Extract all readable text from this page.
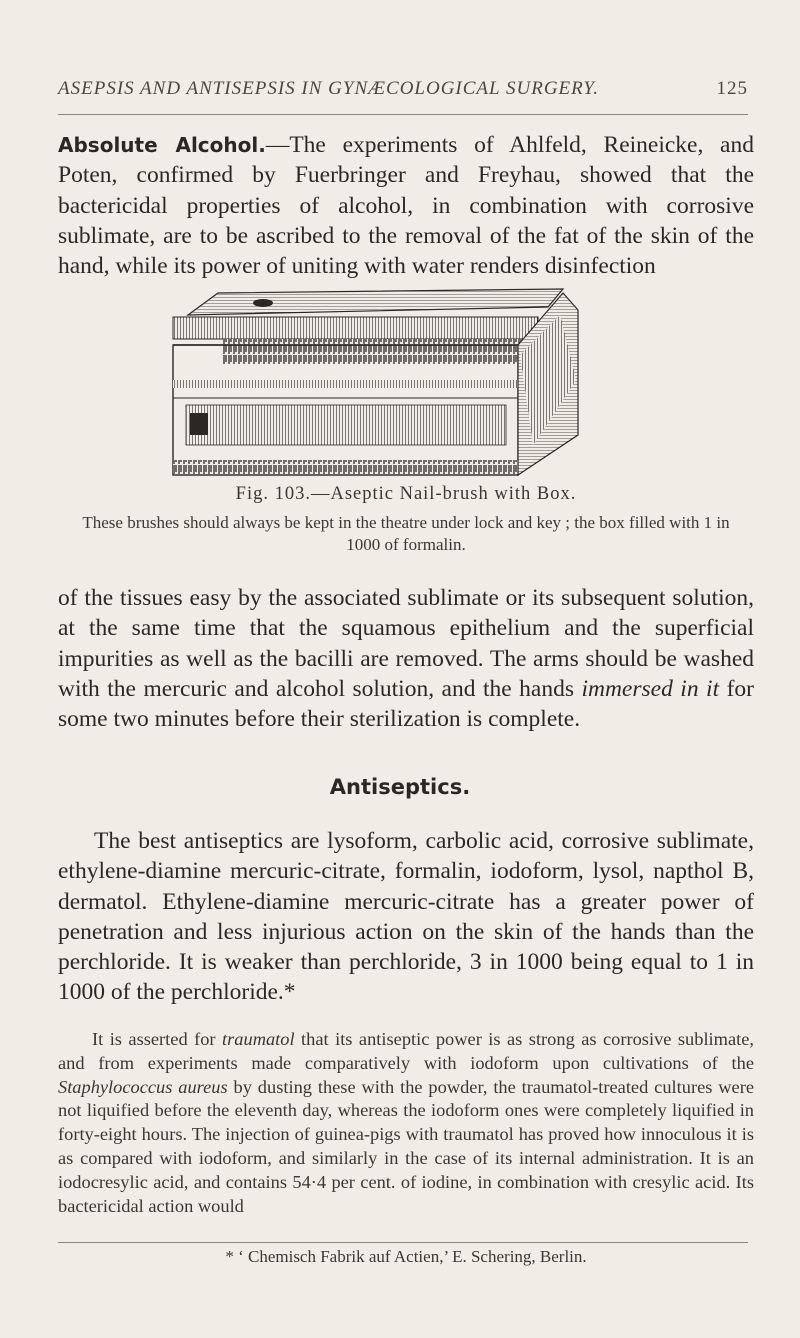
ASEPSIS AND ANTISEPSIS IN GYNÆCOLOGICAL SURGERY.	125

Absolute Alcohol.—The experiments of Ahlfeld, Reineicke, and Poten, confirmed by Fuerbringer and Freyhau, showed that the bactericidal properties of alcohol, in combination with corrosive sublimate, are to be ascribed to the removal of the fat of the skin of the hand, while its power of uniting with water renders disinfection

Fig. 103.—Aseptic Nail-brush with Box.
These brushes should always be kept in the theatre under lock and key ; the box filled with 1 in 1000 of formalin.

of the tissues easy by the associated sublimate or its subsequent solution, at the same time that the squamous epithelium and the superficial impurities as well as the bacilli are removed. The arms should be washed with the mercuric and alcohol solution, and the hands immersed in it for some two minutes before their sterilization is complete.

Antiseptics.

The best antiseptics are lysoform, carbolic acid, corrosive sublimate, ethylene-diamine mercuric-citrate, formalin, iodoform, lysol, napthol B, dermatol. Ethylene-diamine mercuric-citrate has a greater power of penetration and less injurious action on the skin of the hands than the perchloride. It is weaker than perchloride, 3 in 1000 being equal to 1 in 1000 of the perchloride.*

It is asserted for traumatol that its antiseptic power is as strong as corrosive sublimate, and from experiments made comparatively with iodoform upon cultivations of the Staphylococcus aureus by dusting these with the powder, the traumatol-treated cultures were not liquified before the eleventh day, whereas the iodoform ones were completely liquified in forty-eight hours. The injection of guinea-pigs with traumatol has proved how innoculous it is as compared with iodoform, and similarly in the case of its internal administration. It is an iodocresylic acid, and contains 54·4 per cent. of iodine, in combination with cresylic acid. Its bactericidal action would

* ‘ Chemisch Fabrik auf Actien,’ E. Schering, Berlin.
